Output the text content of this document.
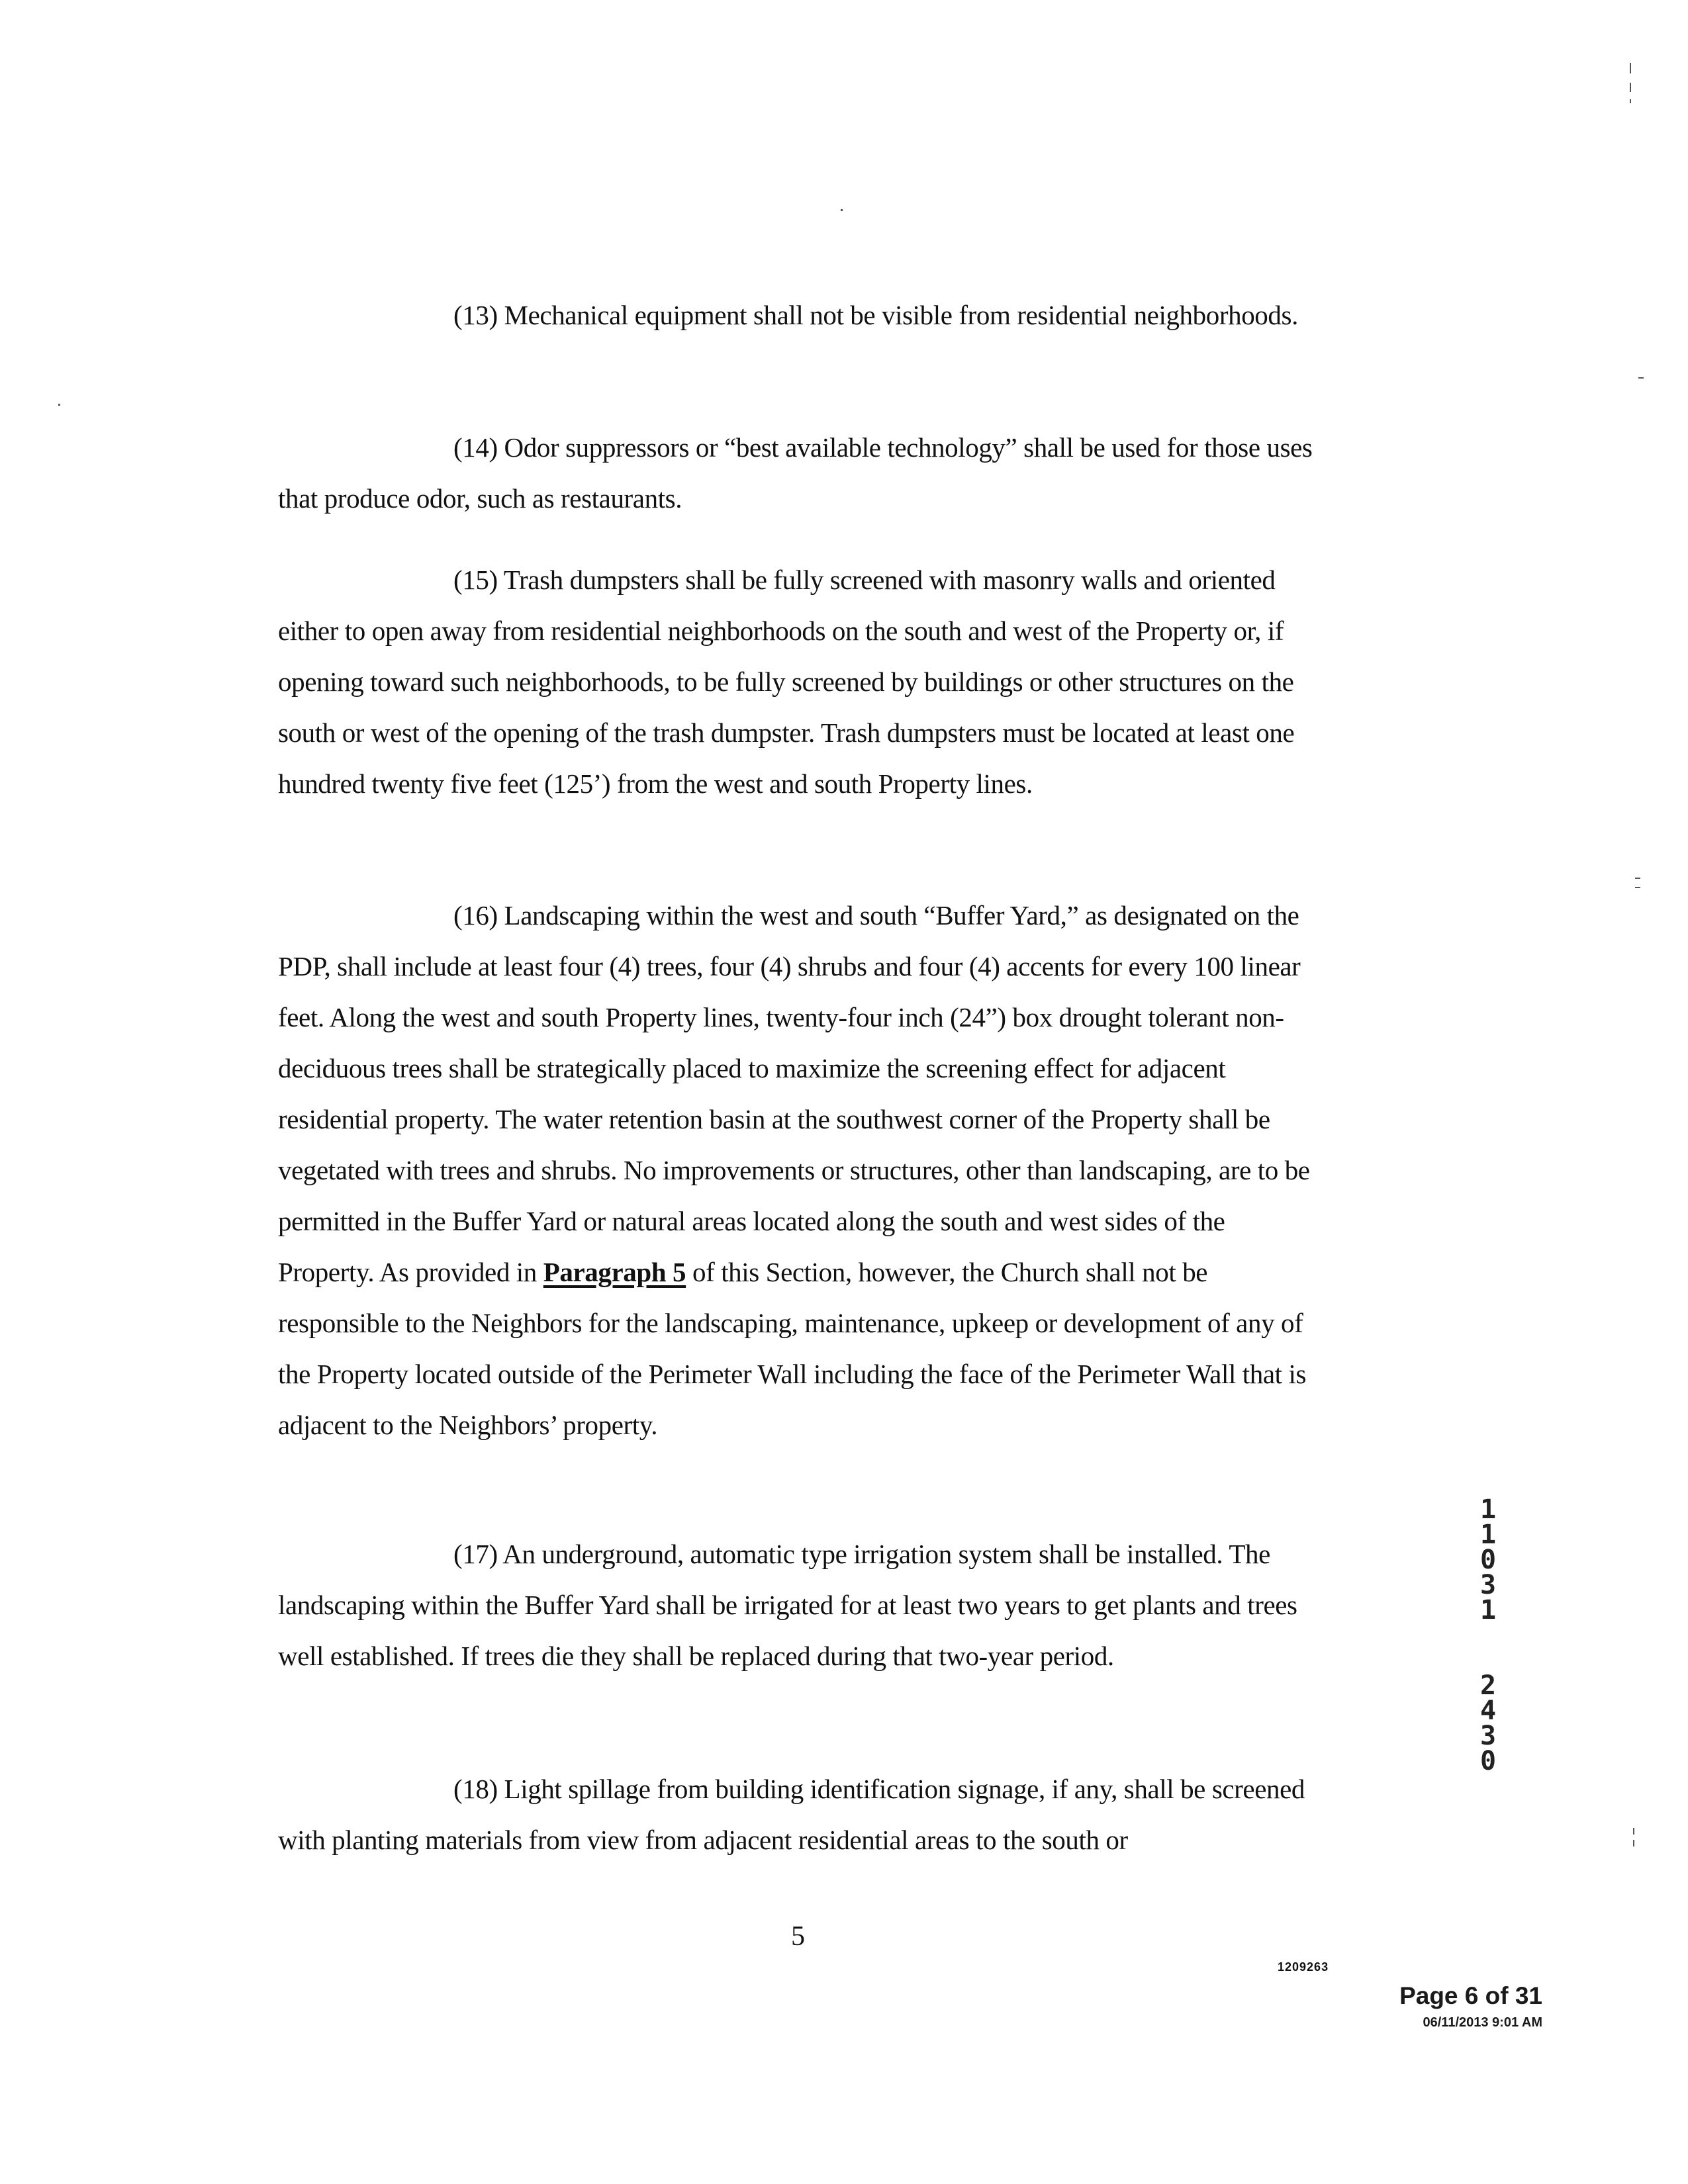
(13) Mechanical equipment shall not be visible from residential neighborhoods.

(14) Odor suppressors or “best available technology” shall be used for those uses that produce odor, such as restaurants.

(15) Trash dumpsters shall be fully screened with masonry walls and oriented either to open away from residential neighborhoods on the south and west of the Property or, if opening toward such neighborhoods, to be fully screened by buildings or other structures on the south or west of the opening of the trash dumpster. Trash dumpsters must be located at least one hundred twenty five feet (125’) from the west and south Property lines.

(16) Landscaping within the west and south “Buffer Yard,” as designated on the PDP, shall include at least four (4) trees, four (4) shrubs and four (4) accents for every 100 linear feet. Along the west and south Property lines, twenty-four inch (24”) box drought tolerant non-deciduous trees shall be strategically placed to maximize the screening effect for adjacent residential property. The water retention basin at the southwest corner of the Property shall be vegetated with trees and shrubs. No improvements or structures, other than landscaping, are to be permitted in the Buffer Yard or natural areas located along the south and west sides of the Property. As provided in Paragraph 5 of this Section, however, the Church shall not be responsible to the Neighbors for the landscaping, maintenance, upkeep or development of any of the Property located outside of the Perimeter Wall including the face of the Perimeter Wall that is adjacent to the Neighbors’ property.

(17) An underground, automatic type irrigation system shall be installed. The landscaping within the Buffer Yard shall be irrigated for at least two years to get plants and trees well established. If trees die they shall be replaced during that two-year period.

(18) Light spillage from building identification signage, if any, shall be screened with planting materials from view from adjacent residential areas to the south or

5
1209263
Page 6 of 31
06/11/2013 9:01 AM
1
1
0
3
1
2
4
3
0
